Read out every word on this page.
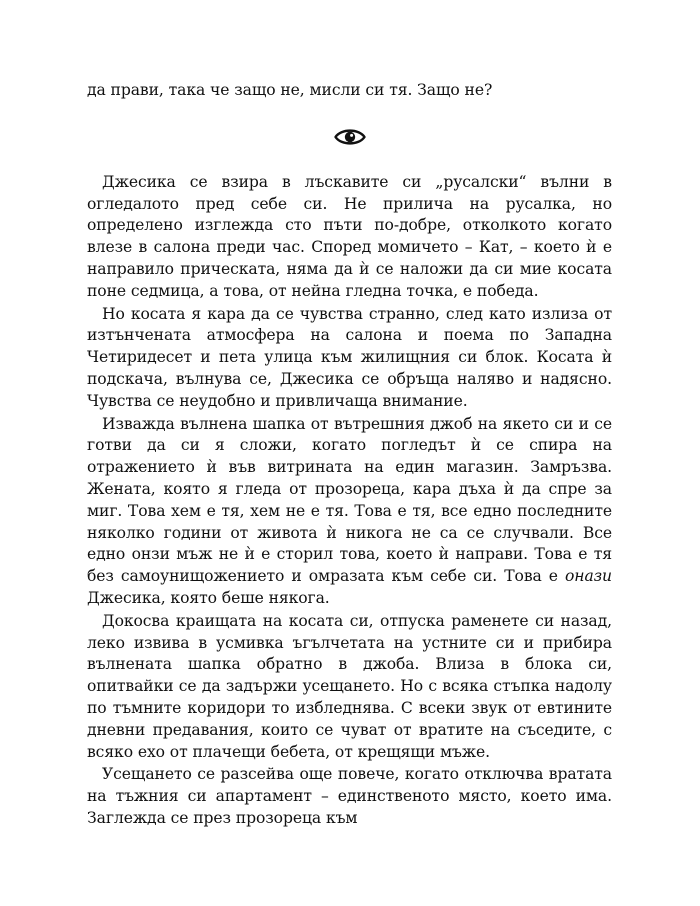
да прави, така че защо не, мисли си тя. Защо не?

Джесика се взира в лъскавите си „русалски“ вълни в огледалото пред себе си. Не прилича на русалка, но определено изглежда сто пъти по-добре, отколкото когато влезе в салона преди час. Според момичето – Кат, – което ѝ е направило прическата, няма да ѝ се наложи да си мие косата поне седмица, а това, от нейна гледна точка, е победа.

Но косата я кара да се чувства странно, след като излиза от изтънчената атмосфера на салона и поема по Западна Четиридесет и пета улица към жилищния си блок. Косата ѝ подскача, вълнува се, Джесика се обръща наляво и надясно. Чувства се неудобно и привличаща внимание.

Изважда вълнена шапка от вътрешния джоб на якето си и се готви да си я сложи, когато погледът ѝ се спира на отражението ѝ във витрината на един магазин. Замръзва. Жената, която я гледа от прозореца, кара дъха ѝ да спре за миг. Това хем е тя, хем не е тя. Това е тя, все едно последните няколко години от живота ѝ никога не са се случвали. Все едно онзи мъж не ѝ е сторил това, което ѝ направи. Това е тя без самоунищожението и омразата към себе си. Това е онази Джесика, която беше някога.

Докосва краищата на косата си, отпуска раменете си назад, леко извива в усмивка ъгълчетата на устните си и прибира вълнената шапка обратно в джоба. Влиза в блока си, опитвайки се да задържи усещането. Но с всяка стъпка надолу по тъмните коридори то избледнява. С всеки звук от евтините дневни предавания, които се чуват от вратите на съседите, с всяко ехо от плачещи бебета, от крещящи мъже.

Усещането се разсейва още повече, когато отключва вратата на тъжния си апартамент – единственото място, което има. Заглежда се през прозореца към
